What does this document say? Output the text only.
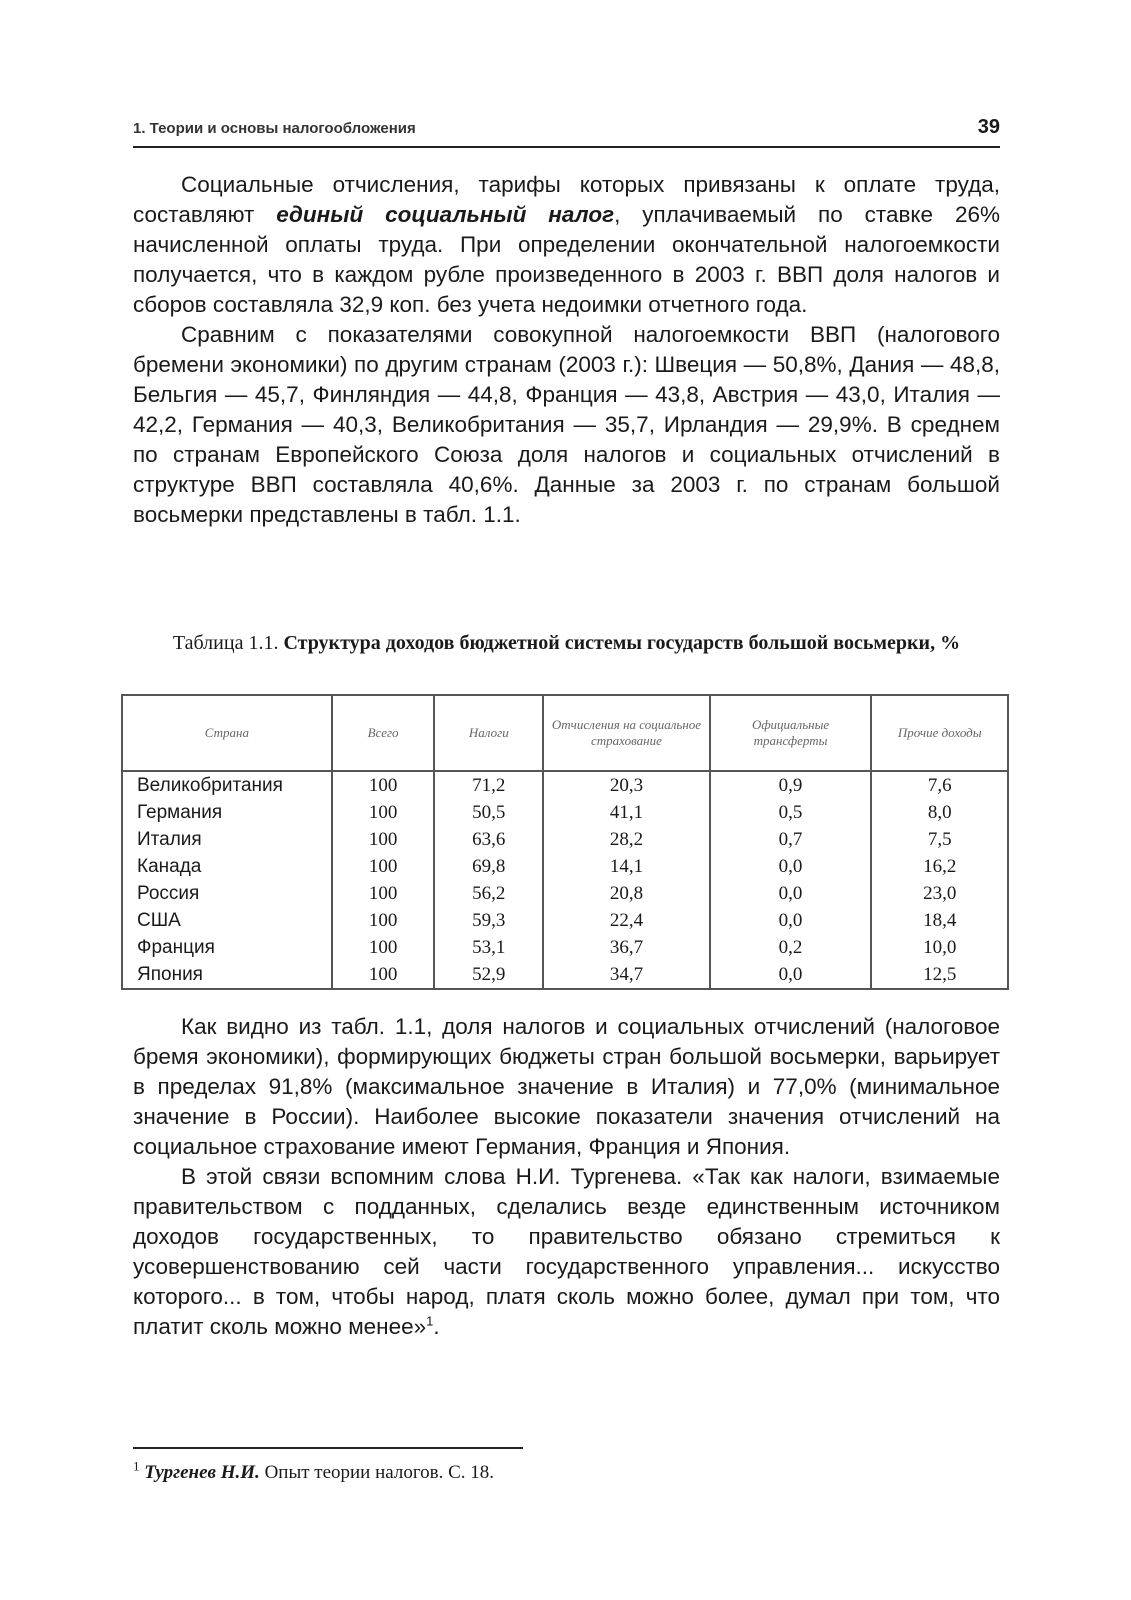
1. Теории и основы налогообложения	39

Социальные отчисления, тарифы которых привязаны к оплате труда, составляют единый социальный налог, уплачиваемый по ставке 26% начисленной оплаты труда. При определении окончательной налогоемкости получается, что в каждом рубле произведенного в 2003 г. ВВП доля налогов и сборов составляла 32,9 коп. без учета недоимки отчетного года.

Сравним с показателями совокупной налогоемкости ВВП (налогового бремени экономики) по другим странам (2003 г.): Швеция — 50,8%, Дания — 48,8, Бельгия — 45,7, Финляндия — 44,8, Франция — 43,8, Австрия — 43,0, Италия — 42,2, Германия — 40,3, Великобритания — 35,7, Ирландия — 29,9%. В среднем по странам Европейского Союза доля налогов и социальных отчислений в структуре ВВП составляла 40,6%. Данные за 2003 г. по странам большой восьмерки представлены в табл. 1.1.

Таблица 1.1. Структура доходов бюджетной системы государств большой восьмерки, %
Страна	Всего	Налоги	Отчисления на социальное страхование	Официальные трансферты	Прочие доходы
Великобритания	100	71,2	20,3	0,9	7,6
Германия	100	50,5	41,1	0,5	8,0
Италия	100	63,6	28,2	0,7	7,5
Канада	100	69,8	14,1	0,0	16,2
Россия	100	56,2	20,8	0,0	23,0
США	100	59,3	22,4	0,0	18,4
Франция	100	53,1	36,7	0,2	10,0
Япония	100	52,9	34,7	0,0	12,5

Как видно из табл. 1.1, доля налогов и социальных отчислений (налоговое бремя экономики), формирующих бюджеты стран большой восьмерки, варьирует в пределах 91,8% (максимальное значение в Италия) и 77,0% (минимальное значение в России). Наиболее высокие показатели значения отчислений на социальное страхование имеют Германия, Франция и Япония.

В этой связи вспомним слова Н.И. Тургенева. «Так как налоги, взимаемые правительством с подданных, сделались везде единственным источником доходов государственных, то правительство обязано стремиться к усовершенствованию сей части государственного управления... искусство которого... в том, чтобы народ, платя сколь можно более, думал при том, что платит сколь можно менее»$^1$.

$^1$ Тургенев Н.И. Опыт теории налогов. С. 18.
